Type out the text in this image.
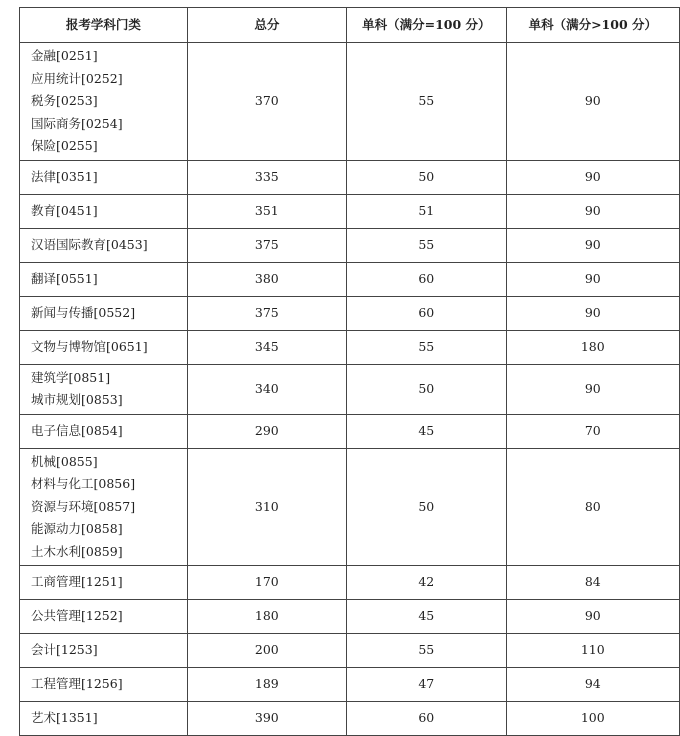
报考学科门类	总分	单科（满分=100 分）	单科（满分>100 分）

金融[0251]
应用统计[0252]
税务[0253]
国际商务[0254]
保险[0255]	370	55	90

法律[0351]	335	50	90

教育[0451]	351	51	90

汉语国际教育[0453]	375	55	90

翻译[0551]	380	60	90

新闻与传播[0552]	375	60	90

文物与博物馆[0651]	345	55	180

建筑学[0851]
城市规划[0853]	340	50	90

电子信息[0854]	290	45	70

机械[0855]
材料与化工[0856]
资源与环境[0857]
能源动力[0858]
土木水利[0859]	310	50	80

工商管理[1251]	170	42	84

公共管理[1252]	180	45	90

会计[1253]	200	55	110

工程管理[1256]	189	47	94

艺术[1351]	390	60	100
